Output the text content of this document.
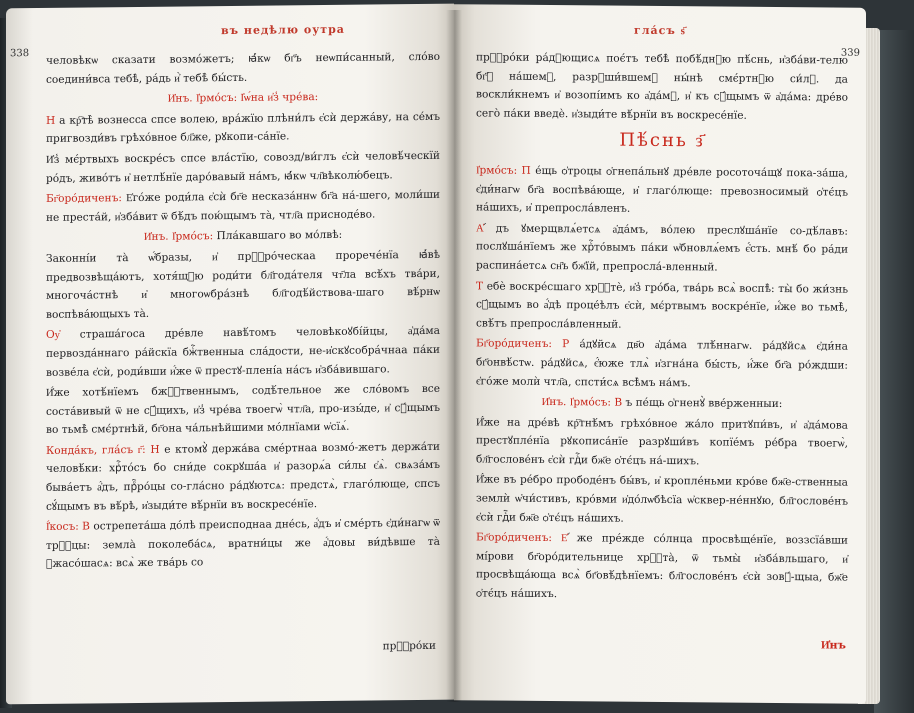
въ недѣлю оутра
338 человѣкѡ сказати возмо́жетъ; ꙗ҆́кѡ бг҃ъ неѡпи́санный, сло́во соедини́вса тебѣ̀, ра́дь и҆̀ тебѣ̀ бы́сть.

И҆нъ. І҆рмо́съ: І҆ѡ́на и҆з̾ чре́ва:

Н а кр҇тѣ̀ вознесса спсе волею, вра́жїю плѣни́лъ є҆сѝ держа́ву, на се́мъ пригвозди́въ грѣхо́вное бл҃же, рꙋкопи-са́нїе.

И҆з̾ мє́ртвыхъ воскре́съ спсе вла́стїю, совозд∕ви́глъ є҆сѝ человѣ́ческїй ро́дъ, живо́тъ и҆ нетлѣ́нїе даро́вавый на́мъ, ꙗ҆́кѡ чл҃вѣколю́бецъ.

Бг҃оро́диченъ: Е҆го́же роди́ла є҆сѝ бг҃е несказа́ннѡ бг҃а на́-шего, моли́ши не преста́й, и҆зба́вит ѿ бѣ́дъ пою́щымъ та̀, чтл҃а присноде́во.

И҆нъ. І҆рмо́съ: Пла́кавшаго во мо́лвѣ:

Законні́и та̀ ѡ҆́бразы, и҆ прⷪ҇ро́ческаа прорече́нїа ꙗ҆́вѣ предвозвѣща́ютъ, хотя́щꙋю роди́ти бл҃года́теля чт҃ла всѣ́хъ тва́ри, многоча́стнѣ и҆ многоѡбра́знѣ бл҃годѣ́йствова-шаго вѣ́рнѡ воспѣва́ющыхъ та̀.

Оу҆ страша́госа дре́вле навѣ́томъ человѣкоꙋбі́йцы, а҆да́ма первозда́ннаго ра́йскїа бжⷭ҇твенныа сла́дости, не-и҆скꙋсобра́чнаа па́ки возве́ла є҆сѝ, роди́вши и҆́же ѿ престꙋ-плені́а на́съ и҆зба́вившаго.

И҆́же хотѣ́нїемъ бжⷭ҇твеннымъ, содѣ́тельное же сло́вомъ все соста́вивый ѿ не сꙋ́щихъ, и҆з̾ чре́ва твоегѡ̀ чтл҃а, про-изы́де, и҆ сꙋ́щымъ во тьмѣ̀ смє́ртнѣй, бг҃она ча́льнѣйшими мо́лнїами ѡ҆сїѧ́.

Конда́къ, гла́съ г҃: Н е ктомꙋ̀ держа́ва сме́ртнаа возмо́-жетъ держа́ти человѣ́ки: хрⷭ҇то́съ бо сни́де сокрꙋша́а и҆ разорѧ́а си́лы є҆ѧ̀. свѧза́мъ быва́етъ а҆́дъ, прⷪ҇ро́цы со-гла́сно ра́дꙋютсѧ: предстѧ̀, глаго́люще, спсъ сꙋ́щымъ въ вѣ́рѣ, и҆зыди́те вѣ́рнїи въ воскресе́нїе.

І҆́косъ: В острепета́ша до́лѣ преисподнаа дне́сь, а҆́дъ и҆ сме́рть є҆ди́нагѡ ѿ трⷪ҇цы: земла̀ поколеба́сѧ, вратни́цы же а҆́довы ви́дѣвше та̀ ꙋжасо́шасѧ: всѧ̀ же тва́рь со

прⷪ҇ро́ки
гла́съ ѕ҃
339

прⷪ҇ро́ки ра́дꙋющисѧ поє́тъ тебѣ̀ побѣ́днꙋю пѣ́снь, и҆зба́ви-телю бг҃ꙋ на́шемꙋ, разрꙋши́вшемꙋ ны́нѣ смє́ртнꙋю си́лꙋ. да воскли́кнемъ и҆ возопі́имъ ко а҆да́мꙋ, и҆ къ сꙋ́щымъ ѿ а҆да́ма: дре́во сего̀ па́ки введѐ. и҆зыди́те вѣ́рнїи въ воскресе́нїе.

Пѣ́снь з҃

І҆рмо́съ: П е́щь ѻ҆троцы ѻ҆гнепа́льнꙋ дре́вле росоточа́щꙋ пока-за́ша, є҆ди́нагѡ бг҃а воспѣва́юще, и҆ глаго́люще: превозносимый ѻ҆тє́цъ на́шихъ, и҆ препросла́вленъ.

А҆ ́дъ ꙋмерщвлѧ́етсѧ а҆да́мъ, во́лею преслꙋша́нїе со-дѣ́лавъ: послꙋша́нїемъ же хрⷭ҇то́вымъ па́ки ѡ҆бновлѧ́емъ є҆́сть. мнѣ́ бо ра́ди распина́етсѧ сн҃ъ бж҃їй, препросла́-вленный.

Т ебѐ воскре́сшаго хрⷭ҇тѐ, и҆з̾ гро́ба, тва́рь всѧ̀ воспѣ̀: ты̀ бо жи́знь сꙋ́щымъ во а҆́дѣ проце́ѣлъ є҆сѝ, мє́ртвымъ воскре́нїе, и҆́же во тьмѣ̀, свѣ́тъ препросла́вленный.

Бг҃оро́диченъ: Р а́дꙋйсѧ дв҃о а҆да́ма тлѣ́ннагѡ. ра́дꙋйсѧ є҆ди́на бг҃онвѣ́стѡ. ра́дꙋйсѧ, є҆́юже тлѧ̀ и҆згна́на бы́сть, и҆́же бг҃а ро́ждши: є҆го́же молѝ чтл҃а, спсти́сѧ всѣ̀мъ на́мъ.

И҆нъ. І҆рмо́съ: В ъ пе́щь ѻ҆гненꙋ̀ вве́рженныи:

И҆́же на дре́вѣ кр҇тнѣ́мъ грѣхо́вное жа́ло притꙋпи́въ, и҆ а҆да́мова престꙋпле́нїа рꙋкописа́нїе разрꙋши́въ копїе́мъ ре́бра твоегѡ̀, бл҃гослове́нъ є҆сѝ гдⷭ҇и бж҃е ѻ҆тє́цъ на́-шихъ.

И҆́же въ ре́бро прободе́нъ бы́въ, и҆ кропле́ньми кро́ве бж҃е-ственныа землѝ ѡ҆чи́стивъ, кро́вми и҆до́лѡбѣсїа ѡ҆сквер-не́ннꙋю, бл҃гослове́нъ є҆сѝ гдⷭ҇и бж҃е ѻ҆тє́цъ на́шихъ.

Бг҃оро́диченъ: Е҆ ́же пре́жде со́лнца просвѣще́нїе, воззсїа́вши мі́рови бг҃оро́дительнице хрⷭ҇та̀, ѿ тьмы̀ и҆зба́вльшаго, и҆ просвѣща́юща всѧ̀ бг҃овѣ́дѣнїемъ: бл҃гослове́нъ є҆сѝ зовꙋ́-щыа, бж҃е ѻ҆тє́цъ на́шихъ.

И҆нъ
